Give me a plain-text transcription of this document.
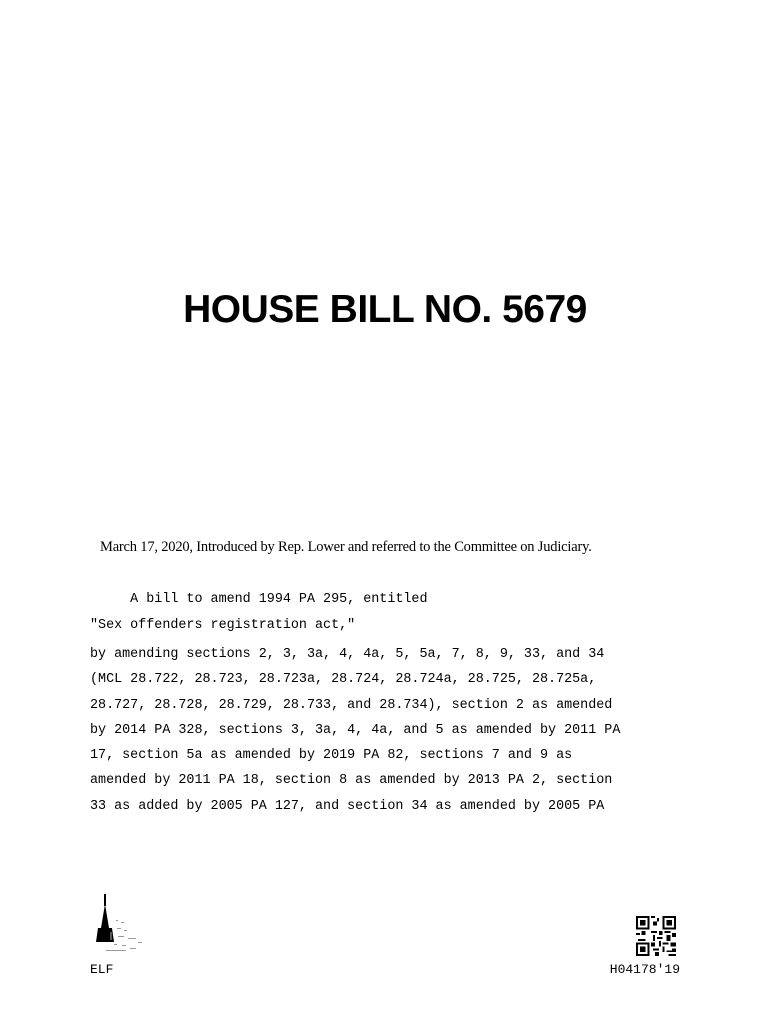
HOUSE BILL NO. 5679
March 17, 2020, Introduced by Rep. Lower and referred to the Committee on Judiciary.
A bill to amend 1994 PA 295, entitled
"Sex offenders registration act,"
by amending sections 2, 3, 3a, 4, 4a, 5, 5a, 7, 8, 9, 33, and 34
(MCL 28.722, 28.723, 28.723a, 28.724, 28.724a, 28.725, 28.725a,
28.727, 28.728, 28.729, 28.733, and 28.734), section 2 as amended
by 2014 PA 328, sections 3, 3a, 4, 4a, and 5 as amended by 2011 PA
17, section 5a as amended by 2019 PA 82, sections 7 and 9 as
amended by 2011 PA 18, section 8 as amended by 2013 PA 2, section
33 as added by 2005 PA 127, and section 34 as amended by 2005 PA
ELF	H04178'19
